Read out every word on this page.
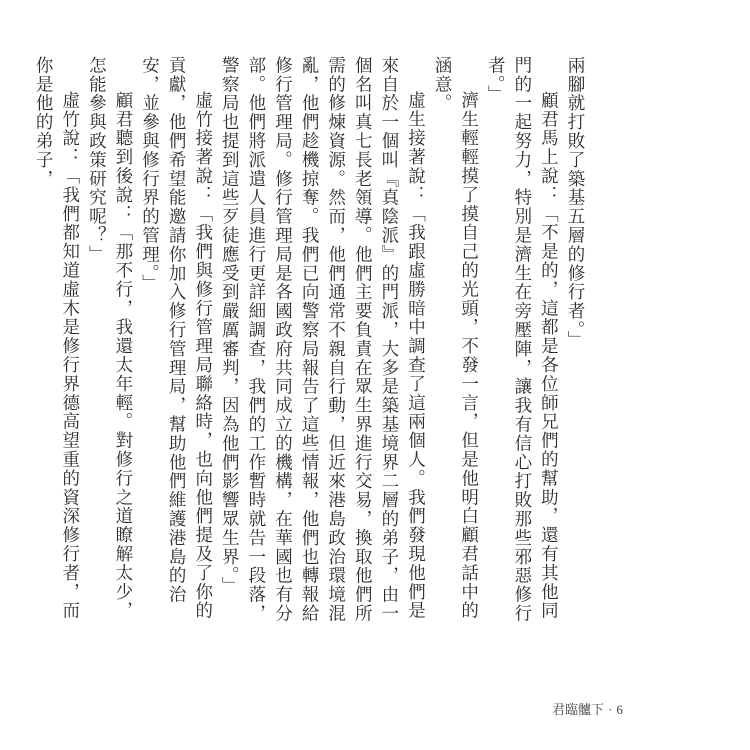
兩腳就打敗了築基五層的修行者。」

顧君馬上說：「不是的，這都是各位師兄們的幫助，還有其他同門的一起努力，特別是濟生在旁壓陣，讓我有信心打敗那些邪惡修行者。」

濟生輕輕摸了摸自己的光頭，不發一言，但是他明白顧君話中的涵意。

虛生接著說：「我跟虛勝暗中調查了這兩個人。我們發現他們是來自於一個叫『真陰派』的門派，大多是築基境界二層的弟子，由一個名叫真七長老領導。他們主要負責在眾生界進行交易，換取他們所需的修煉資源。然而，他們通常不親自行動，但近來港島政治環境混亂，他們趁機掠奪。我們已向警察局報告了這些情報，他們也轉報給修行管理局。修行管理局是各國政府共同成立的機構，在華國也有分部。他們將派遣人員進行更詳細調查，我們的工作暫時就告一段落，警察局也提到這些歹徒應受到嚴厲審判，因為他們影響眾生界。」

虛竹接著說：「我們與修行管理局聯絡時，也向他們提及了你的貢獻，他們希望能邀請你加入修行管理局，幫助他們維護港島的治安，並參與修行界的管理。」

顧君聽到後說：「那不行，我還太年輕。對修行之道瞭解太少，怎能參與政策研究呢？」

虛竹說：「我們都知道虛木是修行界德高望重的資深修行者，而你是他的弟子，

君臨髗下 · 6
